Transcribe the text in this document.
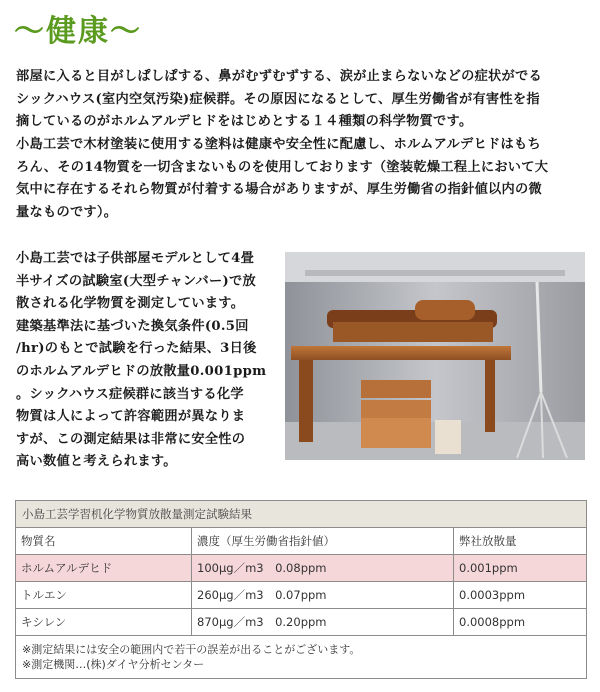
〜健康〜
部屋に入ると目がしぱしぱする、鼻がむずむずする、涙が止まらないなどの症状がでる
シックハウス(室内空気汚染)症候群。その原因になるとして、厚生労働省が有害性を指
摘しているのがホルムアルデヒドをはじめとする１４種類の科学物質です。
小島工芸で木材塗装に使用する塗料は健康や安全性に配慮し、ホルムアルデヒドはもち
ろん、その14物質を一切含まないものを使用しております（塗装乾燥工程上において大
気中に存在するそれら物質が付着する場合がありますが、厚生労働省の指針値以内の微
量なものです）。
小島工芸では子供部屋モデルとして4畳
半サイズの試験室(大型チャンバー)で放
散される化学物質を測定しています。
建築基準法に基づいた換気条件(0.5回
/hr)のもとで試験を行った結果、3日後
のホルムアルデヒドの放散量0.001ppm
。シックハウス症候群に該当する化学
物質は人によって許容範囲が異なりま
すが、この測定結果は非常に安全性の
高い数値と考えられます。
小島工芸学習机化学物質放散量測定試験結果
物質名	濃度（厚生労働省指針値）	弊社放散量
ホルムアルデヒド	100μg／m3　0.08ppm	0.001ppm
トルエン	260μg／m3　0.07ppm	0.0003ppm
キシレン	870μg／m3　0.20ppm	0.0008ppm
※測定結果には安全の範囲内で若干の誤差が出ることがございます。
※測定機関…(株)ダイヤ分析センター
